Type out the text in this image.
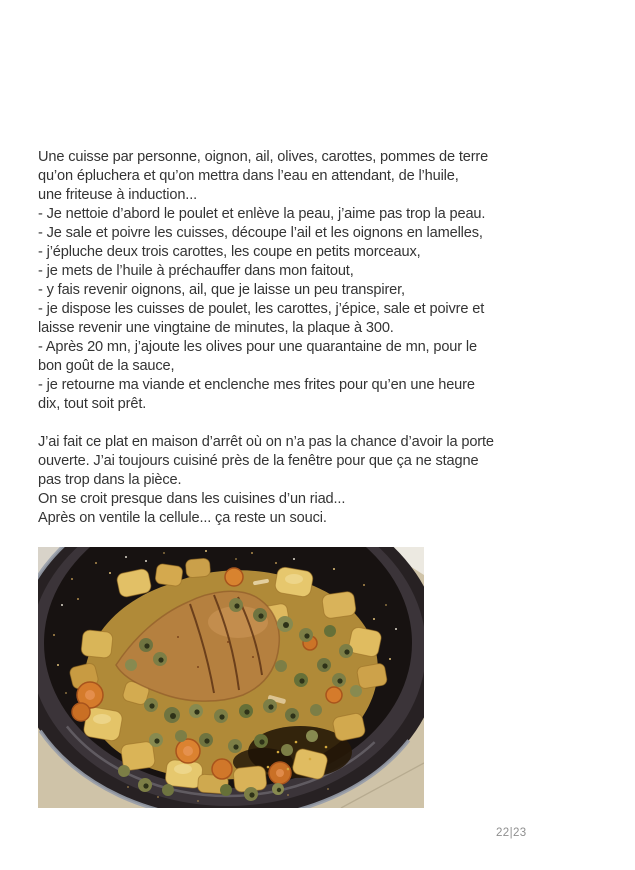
Une cuisse par personne, oignon, ail, olives, carottes, pommes de terre
qu’on épluchera et qu’on mettra dans l’eau en attendant, de l’huile,
une friteuse à induction...
- Je nettoie d’abord le poulet et enlève la peau, j’aime pas trop la peau.
- Je sale et poivre les cuisses, découpe l’ail et les oignons en lamelles,
- j’épluche deux trois carottes, les coupe en petits morceaux,
- je mets de l’huile à préchauffer dans mon faitout,
- y fais revenir oignons, ail, que je laisse un peu transpirer,
- je dispose les cuisses de poulet, les carottes, j’épice, sale et poivre et
laisse revenir une vingtaine de minutes, la plaque à 300.
- Après 20 mn, j’ajoute les olives pour une quarantaine de mn, pour le
bon goût de la sauce,
- je retourne ma viande et enclenche mes frites pour qu’en une heure
dix, tout soit prêt.
J’ai fait ce plat en maison d’arrêt où on n’a pas la chance d’avoir la porte
ouverte. J’ai toujours cuisiné près de la fenêtre pour que ça ne stagne
pas trop dans la pièce.
On se croit presque dans les cuisines d’un riad...
Après on ventile la cellule... ça reste un souci.
22|23
